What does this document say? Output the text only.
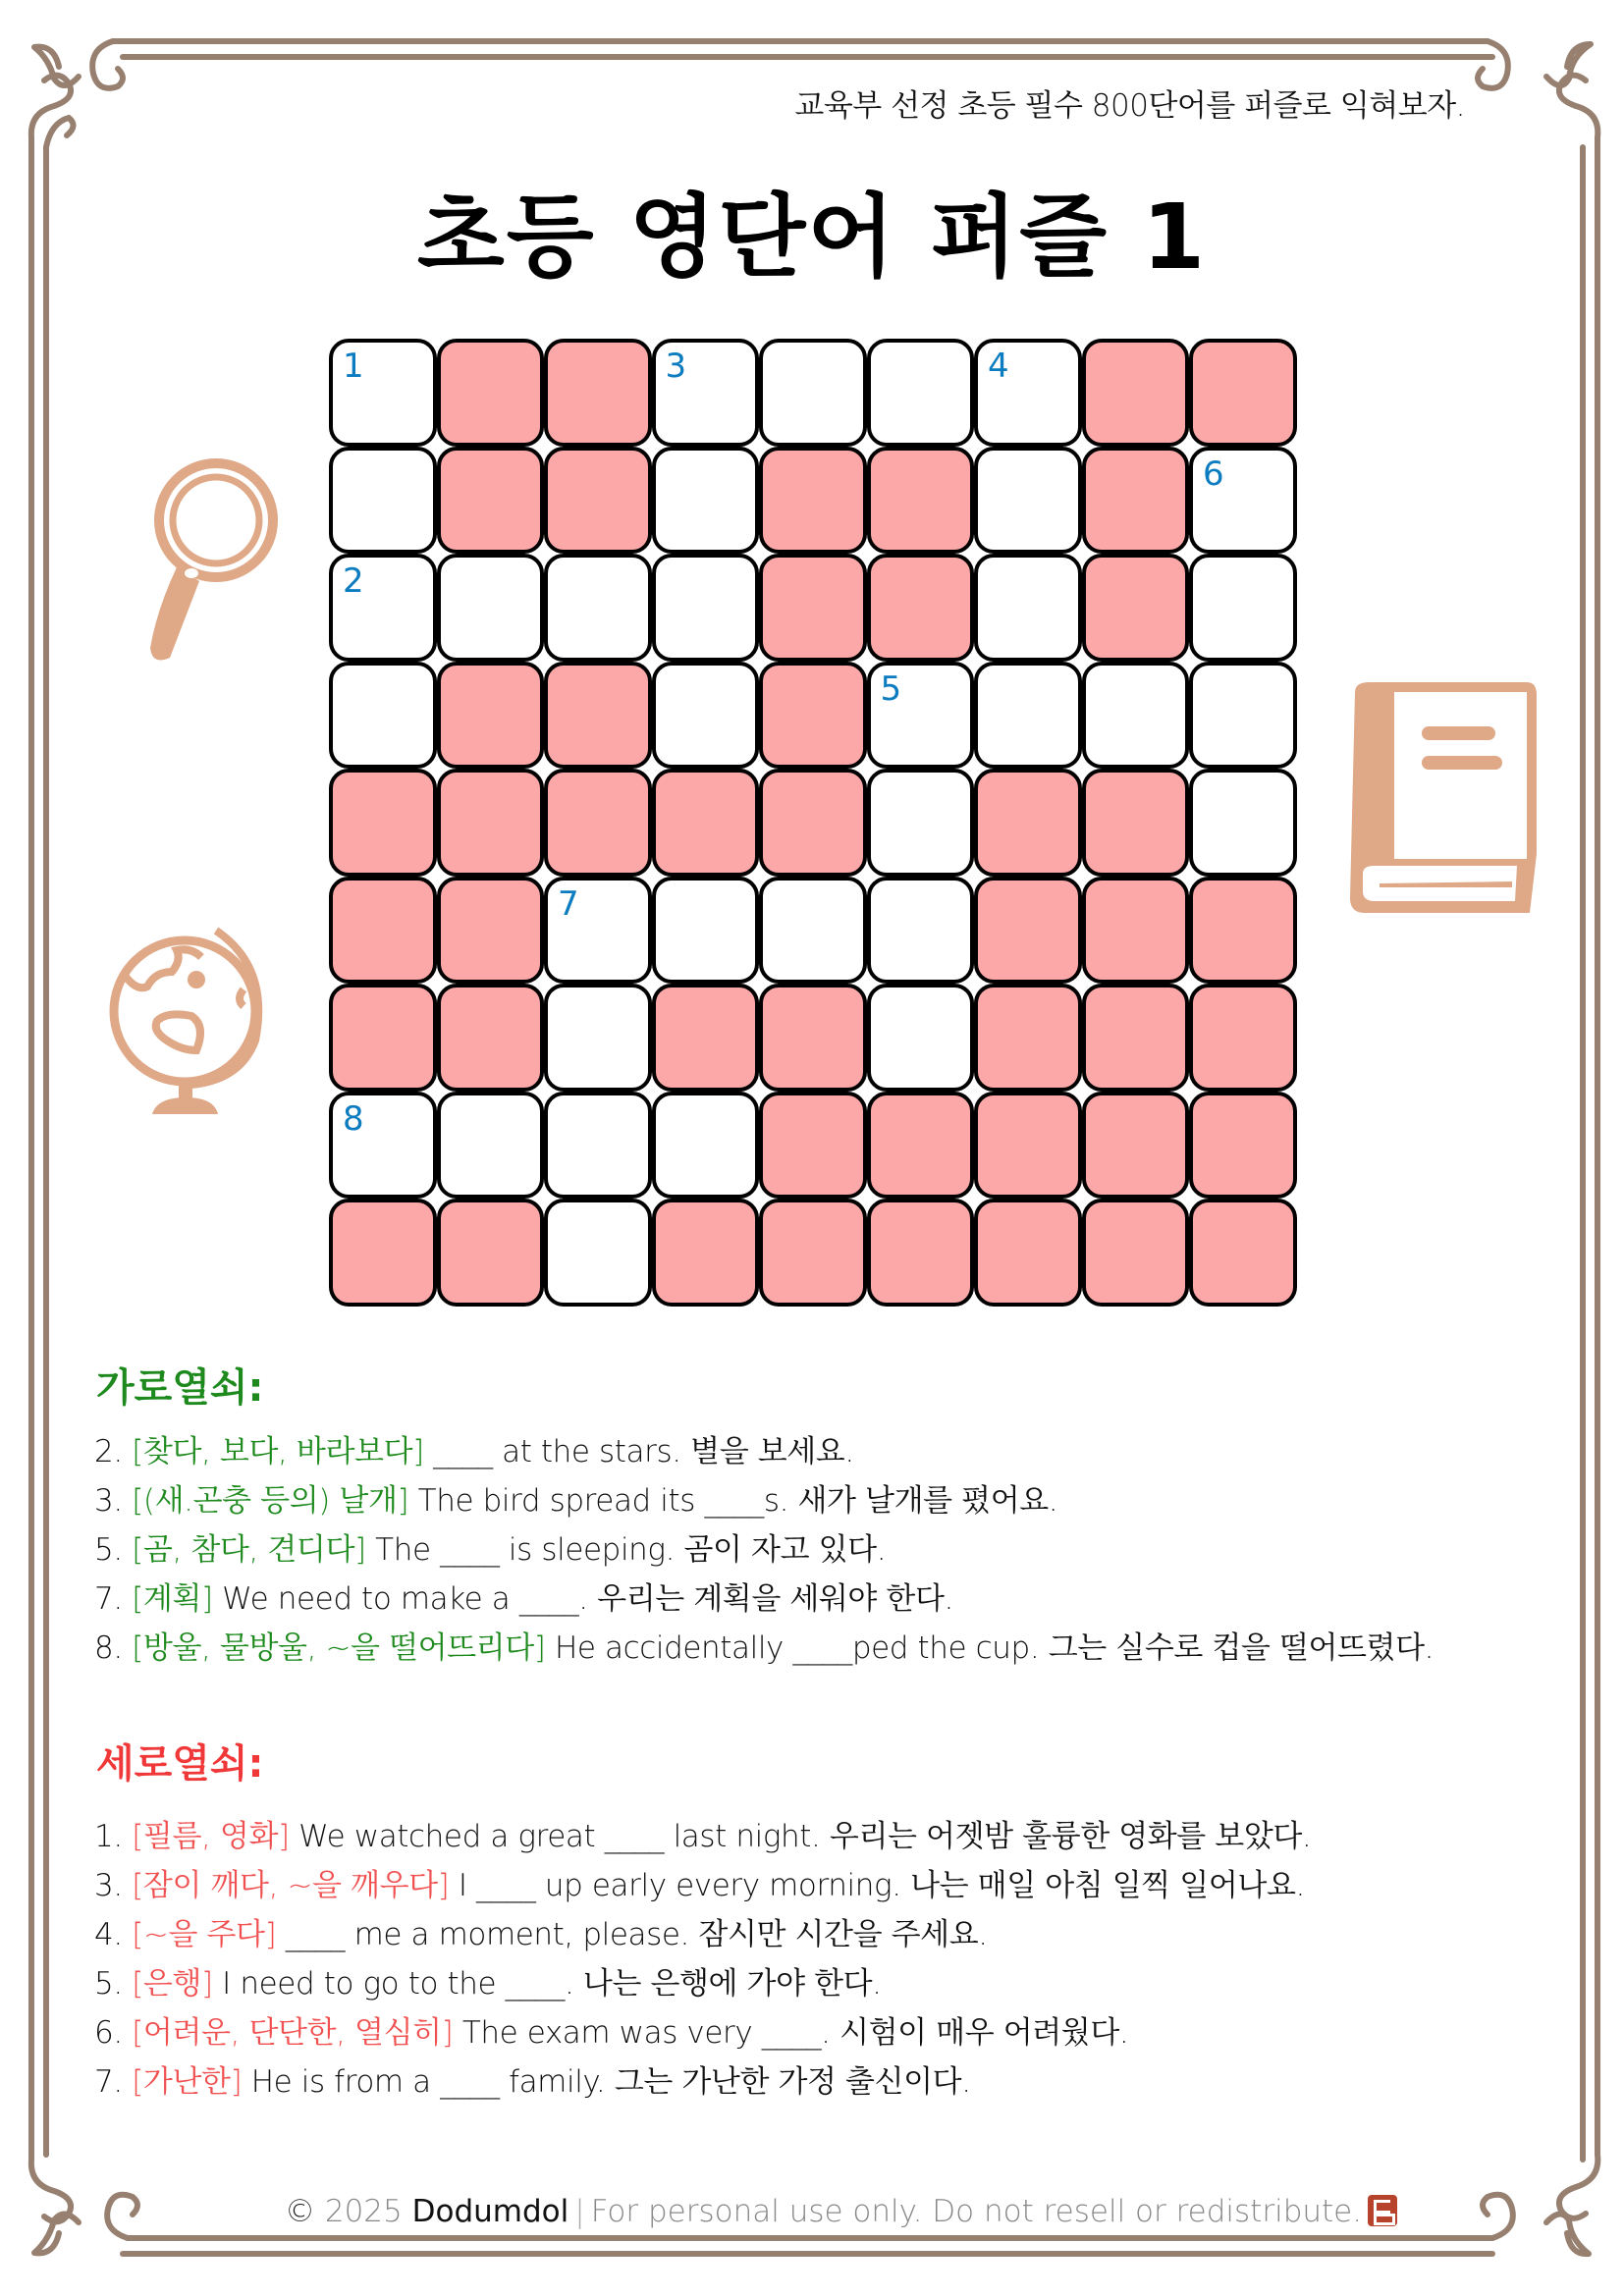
교육부 선정 초등 필수 800단어를 퍼즐로 익혀보자.
초등 영단어 퍼즐 1
1	3	4
6
2
5
7
8
가로열쇠:
2. [찾다, 보다, 바라보다] ____ at the stars. 별을 보세요.
3. [(새.곤충 등의) 날개] The bird spread its ____s. 새가 날개를 폈어요.
5. [곰, 참다, 견디다] The ____ is sleeping. 곰이 자고 있다.
7. [계획] We need to make a ____. 우리는 계획을 세워야 한다.
8. [방울, 물방울, ~을 떨어뜨리다] He accidentally ____ped the cup. 그는 실수로 컵을 떨어뜨렸다.
세로열쇠:
1. [필름, 영화] We watched a great ____ last night. 우리는 어젯밤 훌륭한 영화를 보았다.
3. [잠이 깨다, ~을 깨우다] I ____ up early every morning. 나는 매일 아침 일찍 일어나요.
4. [~을 주다] ____ me a moment, please. 잠시만 시간을 주세요.
5. [은행] I need to go to the ____. 나는 은행에 가야 한다.
6. [어려운, 단단한, 열심히] The exam was very ____. 시험이 매우 어려웠다.
7. [가난한] He is from a ____ family. 그는 가난한 가정 출신이다.
© 2025 Dodumdol | For personal use only. Do not resell or redistribute.
